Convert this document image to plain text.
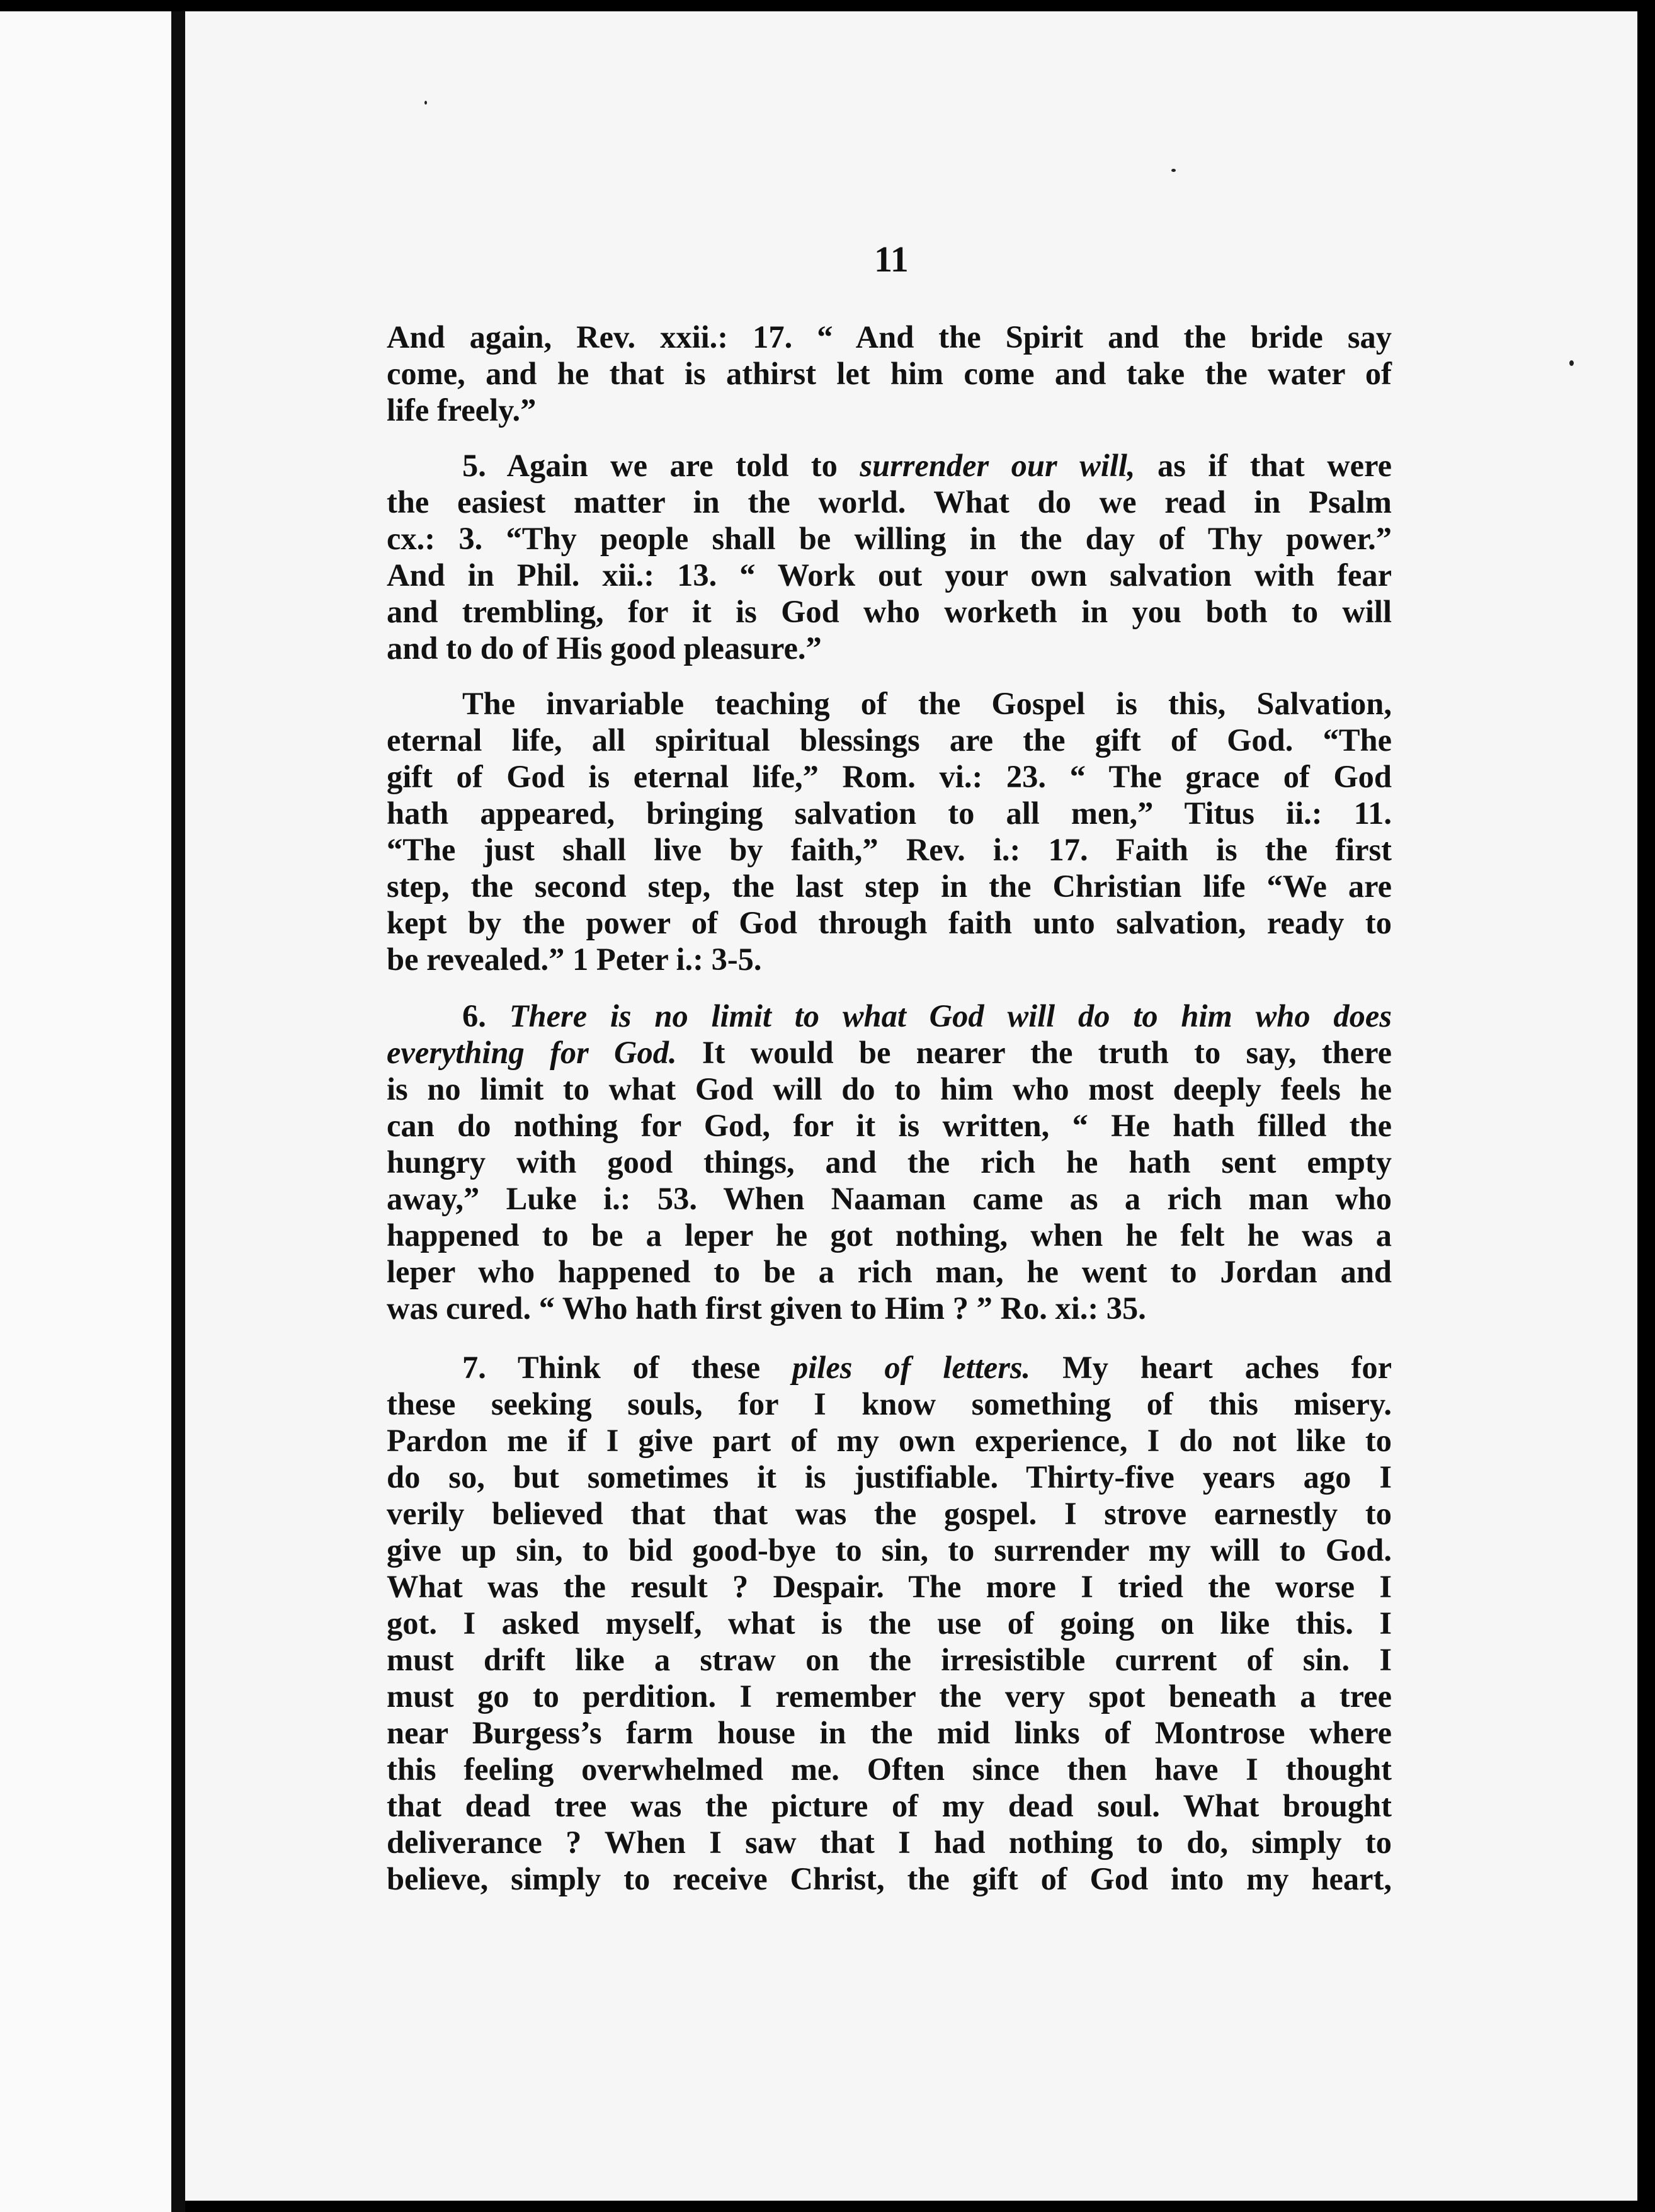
11
And again, Rev. xxii.: 17. “ And the Spirit and the bride say
come, and he that is athirst let him come and take the water of
life freely.”
5. Again we are told to surrender our will, as if that were
the easiest matter in the world. What do we read in Psalm
cx.: 3. “Thy people shall be willing in the day of Thy power.”
And in Phil. xii.: 13. “ Work out your own salvation with fear
and trembling, for it is God who worketh in you both to will
and to do of His good pleasure.”
The invariable teaching of the Gospel is this, Salvation,
eternal life, all spiritual blessings are the gift of God. “The
gift of God is eternal life,” Rom. vi.: 23. “ The grace of God
hath appeared, bringing salvation to all men,” Titus ii.: 11.
“The just shall live by faith,” Rev. i.: 17. Faith is the first
step, the second step, the last step in the Christian life “We are
kept by the power of God through faith unto salvation, ready to
be revealed.” 1 Peter i.: 3-5.
6. There is no limit to what God will do to him who does
everything for God. It would be nearer the truth to say, there
is no limit to what God will do to him who most deeply feels he
can do nothing for God, for it is written, “ He hath filled the
hungry with good things, and the rich he hath sent empty
away,” Luke i.: 53. When Naaman came as a rich man who
happened to be a leper he got nothing, when he felt he was a
leper who happened to be a rich man, he went to Jordan and
was cured. “ Who hath first given to Him ? ” Ro. xi.: 35.
7. Think of these piles of letters. My heart aches for
these seeking souls, for I know something of this misery.
Pardon me if I give part of my own experience, I do not like to
do so, but sometimes it is justifiable. Thirty-five years ago I
verily believed that that was the gospel. I strove earnestly to
give up sin, to bid good-bye to sin, to surrender my will to God.
What was the result ? Despair. The more I tried the worse I
got. I asked myself, what is the use of going on like this. I
must drift like a straw on the irresistible current of sin. I
must go to perdition. I remember the very spot beneath a tree
near Burgess’s farm house in the mid links of Montrose where
this feeling overwhelmed me. Often since then have I thought
that dead tree was the picture of my dead soul. What brought
deliverance ? When I saw that I had nothing to do, simply to
believe, simply to receive Christ, the gift of God into my heart,
